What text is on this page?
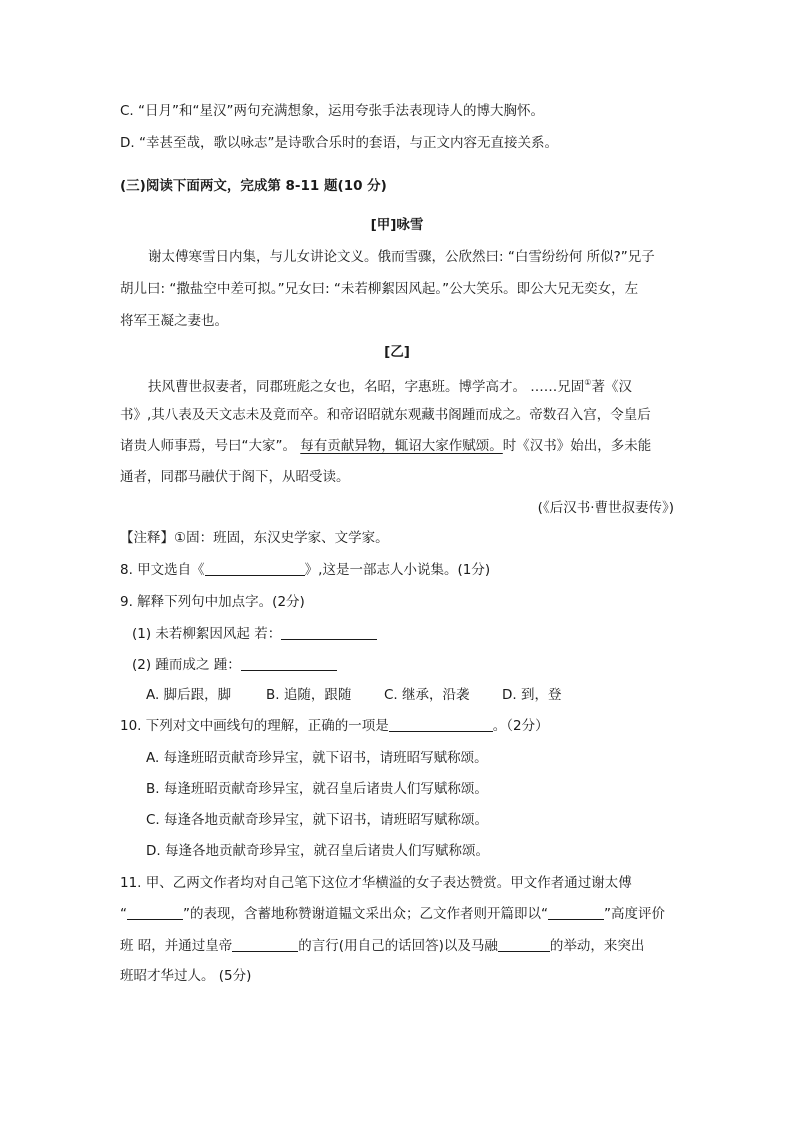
C. “日月”和“星汉”两句充满想象，运用夸张手法表现诗人的博大胸怀。
D. “幸甚至哉，歌以咏志”是诗歌合乐时的套语，与正文内容无直接关系。
(三)阅读下面两文，完成第 8-11 题(10 分)
[甲]咏雪
谢太傅寒雪日内集，与儿女讲论文义。俄而雪骤，公欣然曰: “白雪纷纷何 所似?”兄子
胡儿曰: “撒盐空中差可拟。”兄女曰: “未若柳絮因风起。”公大笑乐。即公大兄无奕女，左
将军王凝之妻也。
[乙]
扶风曹世叔妻者，同郡班彪之女也，名昭，字惠班。博学高才。 ……兄固①著《汉
书》,其八表及天文志未及竟而卒。和帝诏昭就东观藏书阁踵而成之。帝数召入宫，令皇后
诸贵人师事焉，号曰“大家”。 每有贡献异物，辄诏大家作赋颂。时《汉书》始出，多未能
通者，同郡马融伏于阁下，从昭受读。
(《后汉书·曹世叔妻传》)
【注释】①固：班固，东汉史学家、文学家。
8. 甲文选自《	》,这是一部志人小说集。(1分)
9. 解释下列句中加点字。(2分)
(1) 未若柳絮因风起 若：
(2) 踵而成之 踵：
A. 脚后跟，脚	B. 追随，跟随 C. 继承，沿袭 D. 到，登
10. 下列对文中画线句的理解，正确的一项是	。（2分）
A. 每逢班昭贡献奇珍异宝，就下诏书，请班昭写赋称颂。
B. 每逢班昭贡献奇珍异宝，就召皇后诸贵人们写赋称颂。
C. 每逢各地贡献奇珍异宝，就下诏书，请班昭写赋称颂。
D. 每逢各地贡献奇珍异宝，就召皇后诸贵人们写赋称颂。
11. 甲、乙两文作者均对自己笔下这位才华横溢的女子表达赞赏。甲文作者通过谢太傅
“	”的表现，含蓄地称赞谢道韫文采出众；乙文作者则开篇即以“	”高度评价
班 昭，并通过皇帝	的言行(用自己的话回答)以及马融	的举动，来突出
班昭才华过人。 (5分)
